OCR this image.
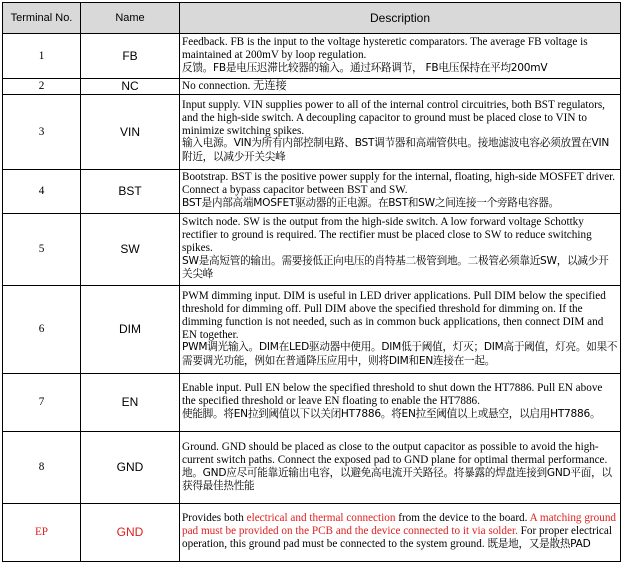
Terminal No.	Name	Description
1	FB	Feedback. FB is the input to the voltage hysteretic comparators. The average FB voltage is maintained at 200mV by loop regulation.
反馈。FB是电压迟滞比较器的输入。通过环路调节， FB电压保持在平均200mV

2	NC	No connection. 无连接

3	VIN	Input supply. VIN supplies power to all of the internal control circuitries, both BST regulators, and the high-side switch. A decoupling capacitor to ground must be placed close to VIN to minimize switching spikes.
输入电源。VIN为所有内部控制电路、BST调节器和高端管供电。接地滤波电容必须放置在VIN附近，以减少开关尖峰

4	BST	Bootstrap. BST is the positive power supply for the internal, floating, high-side MOSFET driver. Connect a bypass capacitor between BST and SW.
BST是内部高端MOSFET驱动器的正电源。在BST和SW之间连接一个旁路电容器。

5	SW	Switch node. SW is the output from the high-side switch. A low forward voltage Schottky rectifier to ground is required. The rectifier must be placed close to SW to reduce switching spikes.
SW是高短管的输出。需要接低正向电压的肖特基二极管到地。二极管必须靠近SW，以减少开关尖峰

6	DIM	PWM dimming input. DIM is useful in LED driver applications. Pull DIM below the specified threshold for dimming off. Pull DIM above the specified threshold for dimming on. If the dimming function is not needed, such as in common buck applications, then connect DIM and EN together.
PWM调光输入。DIM在LED驱动器中使用。DIM低于阈值，灯灭；DIM高于阈值，灯亮。如果不需要调光功能，例如在普通降压应用中，则将DIM和EN连接在一起。

7	EN	Enable input. Pull EN below the specified threshold to shut down the HT7886. Pull EN above the specified threshold or leave EN floating to enable the HT7886.
使能脚。将EN拉到阈值以下以关闭HT7886。将EN拉至阈值以上或悬空，以启用HT7886。

8	GND	Ground. GND should be placed as close to the output capacitor as possible to avoid the high-current switch paths. Connect the exposed pad to GND plane for optimal thermal performance.
地。GND应尽可能靠近输出电容，以避免高电流开关路径。将暴露的焊盘连接到GND平面，以获得最佳热性能

EP	GND	Provides both electrical and thermal connection from the device to the board. A matching ground pad must be provided on the PCB and the device connected to it via solder. For proper electrical operation, this ground pad must be connected to the system ground. 既是地，又是散热PAD
